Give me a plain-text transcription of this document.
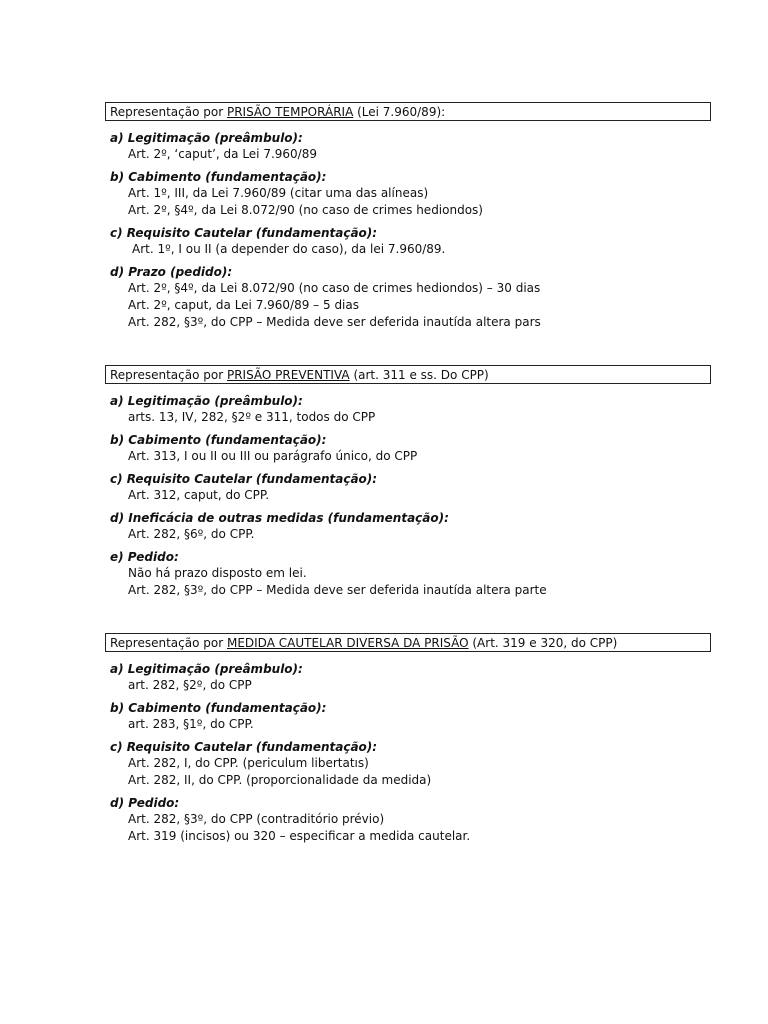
Representação por PRISÃO TEMPORÁRIA (Lei 7.960/89):
a) Legitimação (preâmbulo):
Art. 2º, ‘caput’, da Lei 7.960/89
b) Cabimento (fundamentação):
Art. 1º, III, da Lei 7.960/89 (citar uma das alíneas)
Art. 2º, §4º, da Lei 8.072/90 (no caso de crimes hediondos)
c) Requisito Cautelar (fundamentação):
Art. 1º, I ou II (a depender do caso), da lei 7.960/89.
d) Prazo (pedido):
Art. 2º, §4º, da Lei 8.072/90 (no caso de crimes hediondos) – 30 dias
Art. 2º, caput, da Lei 7.960/89 – 5 dias
Art. 282, §3º, do CPP – Medida deve ser deferida inautı́da altera pars
Representação por PRISÃO PREVENTIVA (art. 311 e ss. Do CPP)
a) Legitimação (preâmbulo):
arts. 13, IV, 282, §2º e 311, todos do CPP
b) Cabimento (fundamentação):
Art. 313, I ou II ou III ou parágrafo único, do CPP
c) Requisito Cautelar (fundamentação):
Art. 312, caput, do CPP.
d) Ineficácia de outras medidas (fundamentação):
Art. 282, §6º, do CPP.
e) Pedido:
Não há prazo disposto em lei.
Art. 282, §3º, do CPP – Medida deve ser deferida inautı́da altera parte
Representação por MEDIDA CAUTELAR DIVERSA DA PRISÃO (Art. 319 e 320, do CPP)
a) Legitimação (preâmbulo):
art. 282, §2º, do CPP
b) Cabimento (fundamentação):
art. 283, §1º, do CPP.
c) Requisito Cautelar (fundamentação):
Art. 282, I, do CPP. (periculum libertatıs)
Art. 282, II, do CPP. (proporcionalidade da medida)
d) Pedido:
Art. 282, §3º, do CPP (contraditório prévio)
Art. 319 (incisos) ou 320 – especificar a medida cautelar.
